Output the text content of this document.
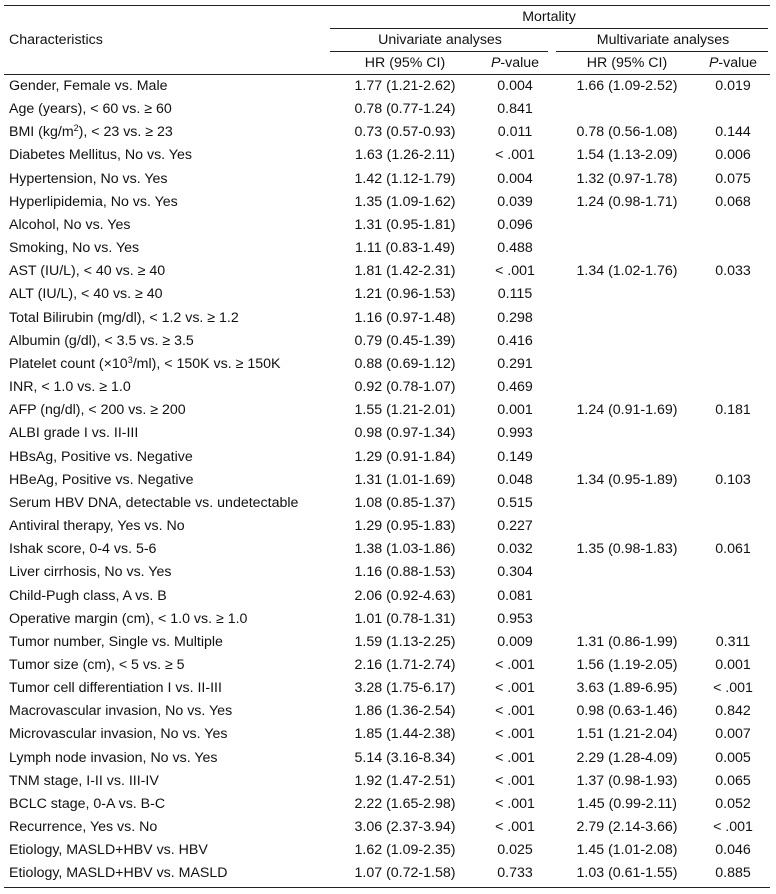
Mortality
Characteristics	Univariate analyses	Multivariate analyses
HR (95% CI)	P-value	HR (95% CI)	P-value
Gender, Female vs. Male	1.77 (1.21-2.62)	0.004	1.66 (1.09-2.52)	0.019
Age (years), < 60 vs. ≥ 60	0.78 (0.77-1.24)	0.841
BMI $(kg/m^2)$, < 23 vs. ≥ 23	0.73 (0.57-0.93)	0.011	0.78 (0.56-1.08)	0.144
Diabetes Mellitus, No vs. Yes	1.63 (1.26-2.11)	< .001	1.54 (1.13-2.09)	0.006
Hypertension, No vs. Yes	1.42 (1.12-1.79)	0.004	1.32 (0.97-1.78)	0.075
Hyperlipidemia, No vs. Yes	1.35 (1.09-1.62)	0.039	1.24 (0.98-1.71)	0.068
Alcohol, No vs. Yes	1.31 (0.95-1.81)	0.096
Smoking, No vs. Yes	1.11 (0.83-1.49)	0.488
AST (IU/L), < 40 vs. ≥ 40	1.81 (1.42-2.31)	< .001	1.34 (1.02-1.76)	0.033
ALT (IU/L), < 40 vs. ≥ 40	1.21 (0.96-1.53)	0.115
Total Bilirubin (mg/dl), < 1.2 vs. ≥ 1.2	1.16 (0.97-1.48)	0.298
Albumin (g/dl), < 3.5 vs. ≥ 3.5	0.79 (0.45-1.39)	0.416
Platelet count $(\times 10^3/ml)$, < 150K vs. ≥ 150K	0.88 (0.69-1.12)	0.291
INR, < 1.0 vs. ≥ 1.0	0.92 (0.78-1.07)	0.469
AFP (ng/dl), < 200 vs. ≥ 200	1.55 (1.21-2.01)	0.001	1.24 (0.91-1.69)	0.181
ALBI grade I vs. II-III	0.98 (0.97-1.34)	0.993
HBsAg, Positive vs. Negative	1.29 (0.91-1.84)	0.149
HBeAg, Positive vs. Negative	1.31 (1.01-1.69)	0.048	1.34 (0.95-1.89)	0.103
Serum HBV DNA, detectable vs. undetectable	1.08 (0.85-1.37)	0.515
Antiviral therapy, Yes vs. No	1.29 (0.95-1.83)	0.227
Ishak score, 0-4 vs. 5-6	1.38 (1.03-1.86)	0.032	1.35 (0.98-1.83)	0.061
Liver cirrhosis, No vs. Yes	1.16 (0.88-1.53)	0.304
Child-Pugh class, A vs. B	2.06 (0.92-4.63)	0.081
Operative margin (cm), < 1.0 vs. ≥ 1.0	1.01 (0.78-1.31)	0.953
Tumor number, Single vs. Multiple	1.59 (1.13-2.25)	0.009	1.31 (0.86-1.99)	0.311
Tumor size (cm), < 5 vs. ≥ 5	2.16 (1.71-2.74)	< .001	1.56 (1.19-2.05)	0.001
Tumor cell differentiation I vs. II-III	3.28 (1.75-6.17)	< .001	3.63 (1.89-6.95)	< .001
Macrovascular invasion, No vs. Yes	1.86 (1.36-2.54)	< .001	0.98 (0.63-1.46)	0.842
Microvascular invasion, No vs. Yes	1.85 (1.44-2.38)	< .001	1.51 (1.21-2.04)	0.007
Lymph node invasion, No vs. Yes	5.14 (3.16-8.34)	< .001	2.29 (1.28-4.09)	0.005
TNM stage, I-II vs. III-IV	1.92 (1.47-2.51)	< .001	1.37 (0.98-1.93)	0.065
BCLC stage, 0-A vs. B-C	2.22 (1.65-2.98)	< .001	1.45 (0.99-2.11)	0.052
Recurrence, Yes vs. No	3.06 (2.37-3.94)	< .001	2.79 (2.14-3.66)	< .001
Etiology, MASLD+HBV vs. HBV	1.62 (1.09-2.35)	0.025	1.45 (1.01-2.08)	0.046
Etiology, MASLD+HBV vs. MASLD	1.07 (0.72-1.58)	0.733	1.03 (0.61-1.55)	0.885
